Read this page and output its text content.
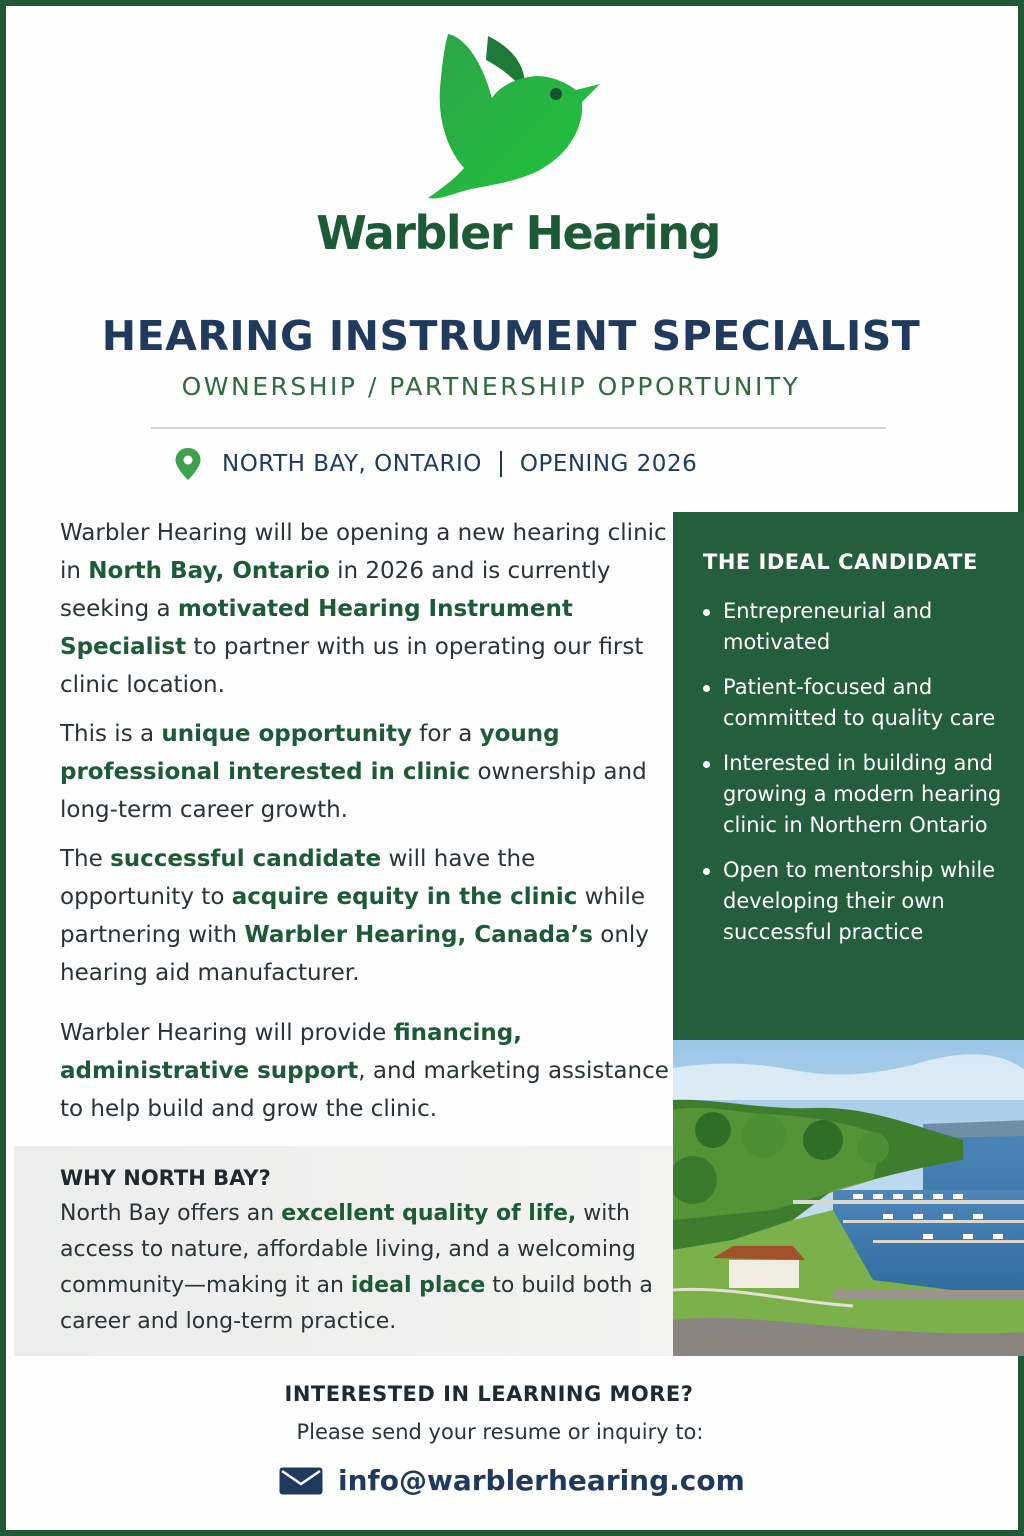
Warbler Hearing
HEARING INSTRUMENT SPECIALIST
OWNERSHIP / PARTNERSHIP OPPORTUNITY
NORTH BAY, ONTARIO OPENING 2026

Warbler Hearing will be opening a new hearing clinic in North Bay, Ontario in 2026 and is currently seeking a motivated Hearing Instrument Specialist to partner with us in operating our first clinic location.

This is a unique opportunity for a young professional interested in clinic ownership and long-term career growth.

The successful candidate will have the opportunity to acquire equity in the clinic while partnering with Warbler Hearing, Canada’s only hearing aid manufacturer.

Warbler Hearing will provide financing, administrative support, and marketing assistance to help build and grow the clinic.

THE IDEAL CANDIDATE
Entrepreneurial and motivated
Patient-focused and committed to quality care
Interested in building and growing a modern hearing clinic in Northern Ontario
Open to mentorship while developing their own successful practice
WHY NORTH BAY?

North Bay offers an excellent quality of life, with access to nature, affordable living, and a welcoming community—making it an ideal place to build both a career and long-term practice.

INTERESTED IN LEARNING MORE?
Please send your resume or inquiry to:
info@warblerhearing.com
